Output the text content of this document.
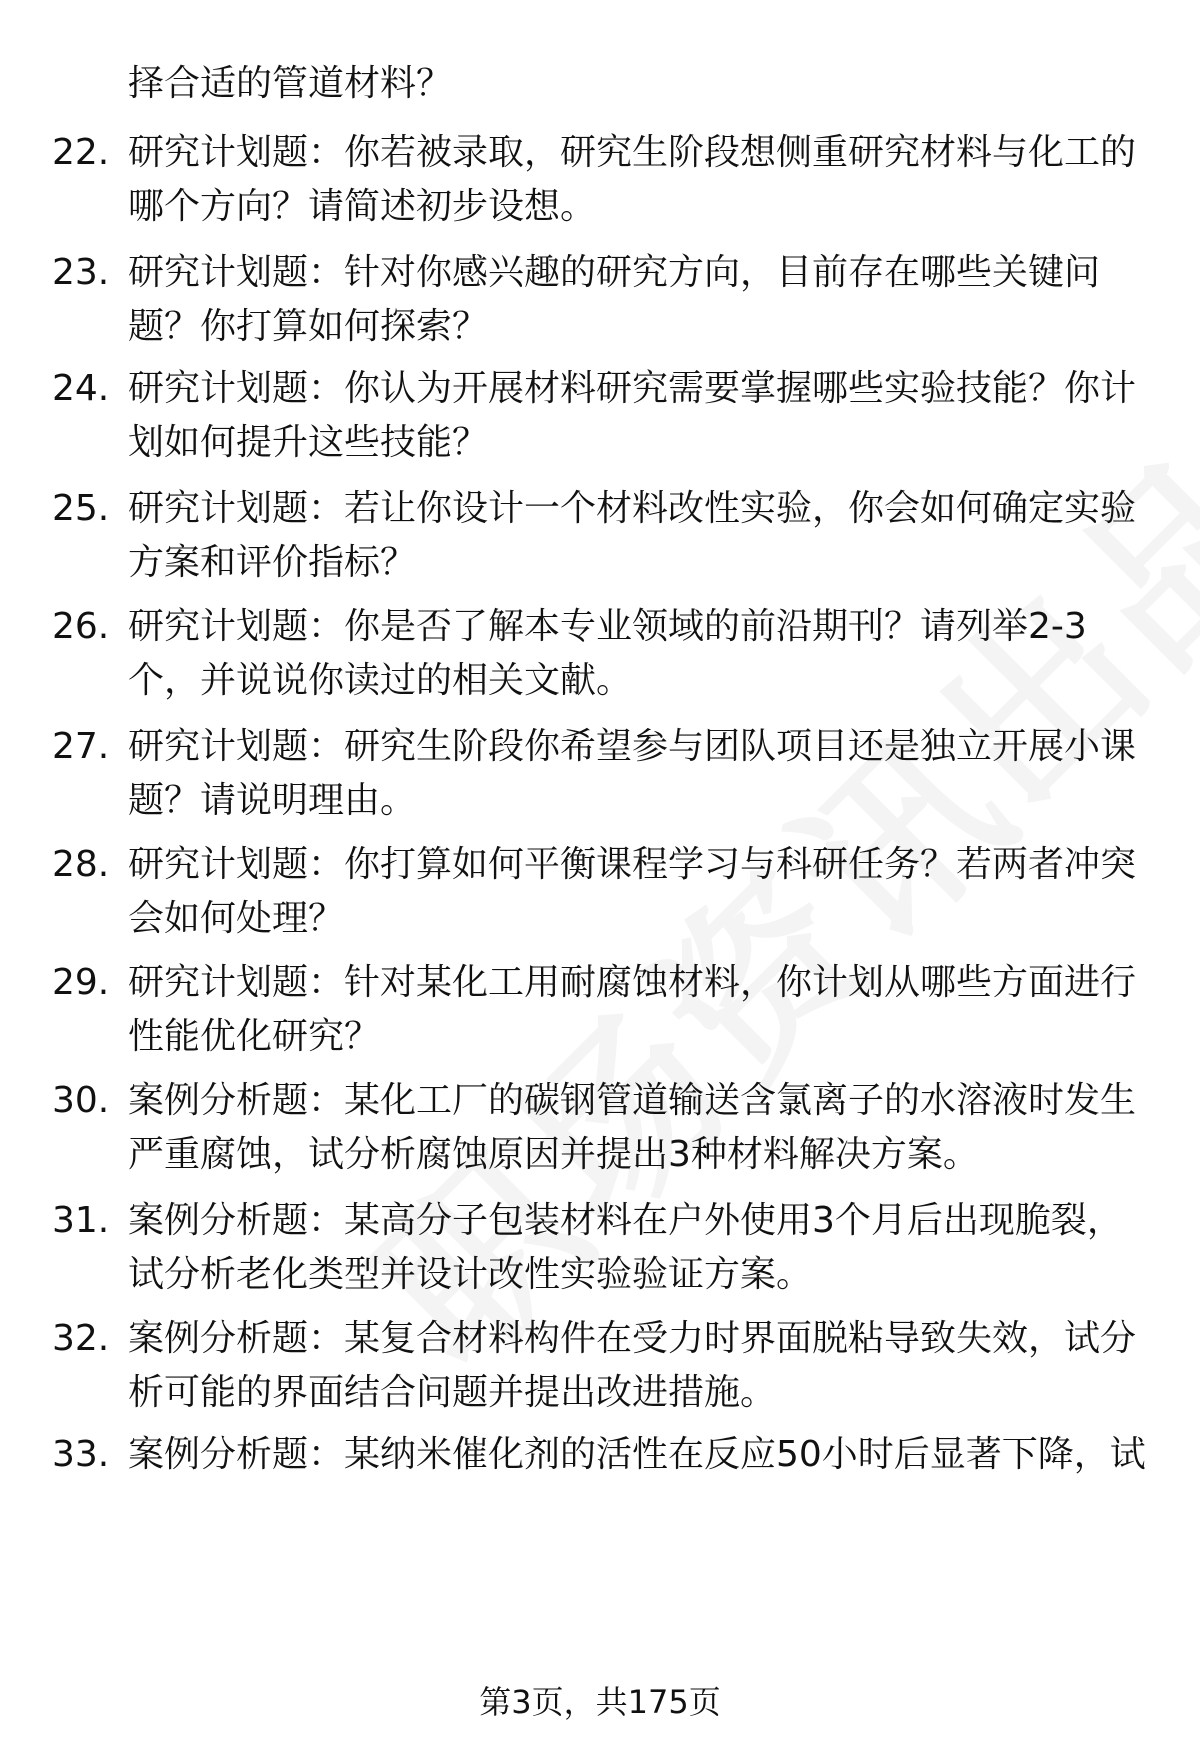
择合适的管道材料？
22. 研究计划题：你若被录取，研究生阶段想侧重研究材料与化工的哪个方向？请简述初步设想。
23. 研究计划题：针对你感兴趣的研究方向，目前存在哪些关键问题？你打算如何探索？
24. 研究计划题：你认为开展材料研究需要掌握哪些实验技能？你计划如何提升这些技能？
25. 研究计划题：若让你设计一个材料改性实验，你会如何确定实验方案和评价指标？
26. 研究计划题：你是否了解本专业领域的前沿期刊？请列举2-3个，并说说你读过的相关文献。
27. 研究计划题：研究生阶段你希望参与团队项目还是独立开展小课题？请说明理由。
28. 研究计划题：你打算如何平衡课程学习与科研任务？若两者冲突会如何处理？
29. 研究计划题：针对某化工用耐腐蚀材料，你计划从哪些方面进行性能优化研究？
30. 案例分析题：某化工厂的碳钢管道输送含氯离子的水溶液时发生严重腐蚀，试分析腐蚀原因并提出3种材料解决方案。
31. 案例分析题：某高分子包装材料在户外使用3个月后出现脆裂，试分析老化类型并设计改性实验验证方案。
32. 案例分析题：某复合材料构件在受力时界面脱粘导致失效，试分析可能的界面结合问题并提出改进措施。
33. 案例分析题：某纳米催化剂的活性在反应50小时后显著下降，试
第3页，共175页
